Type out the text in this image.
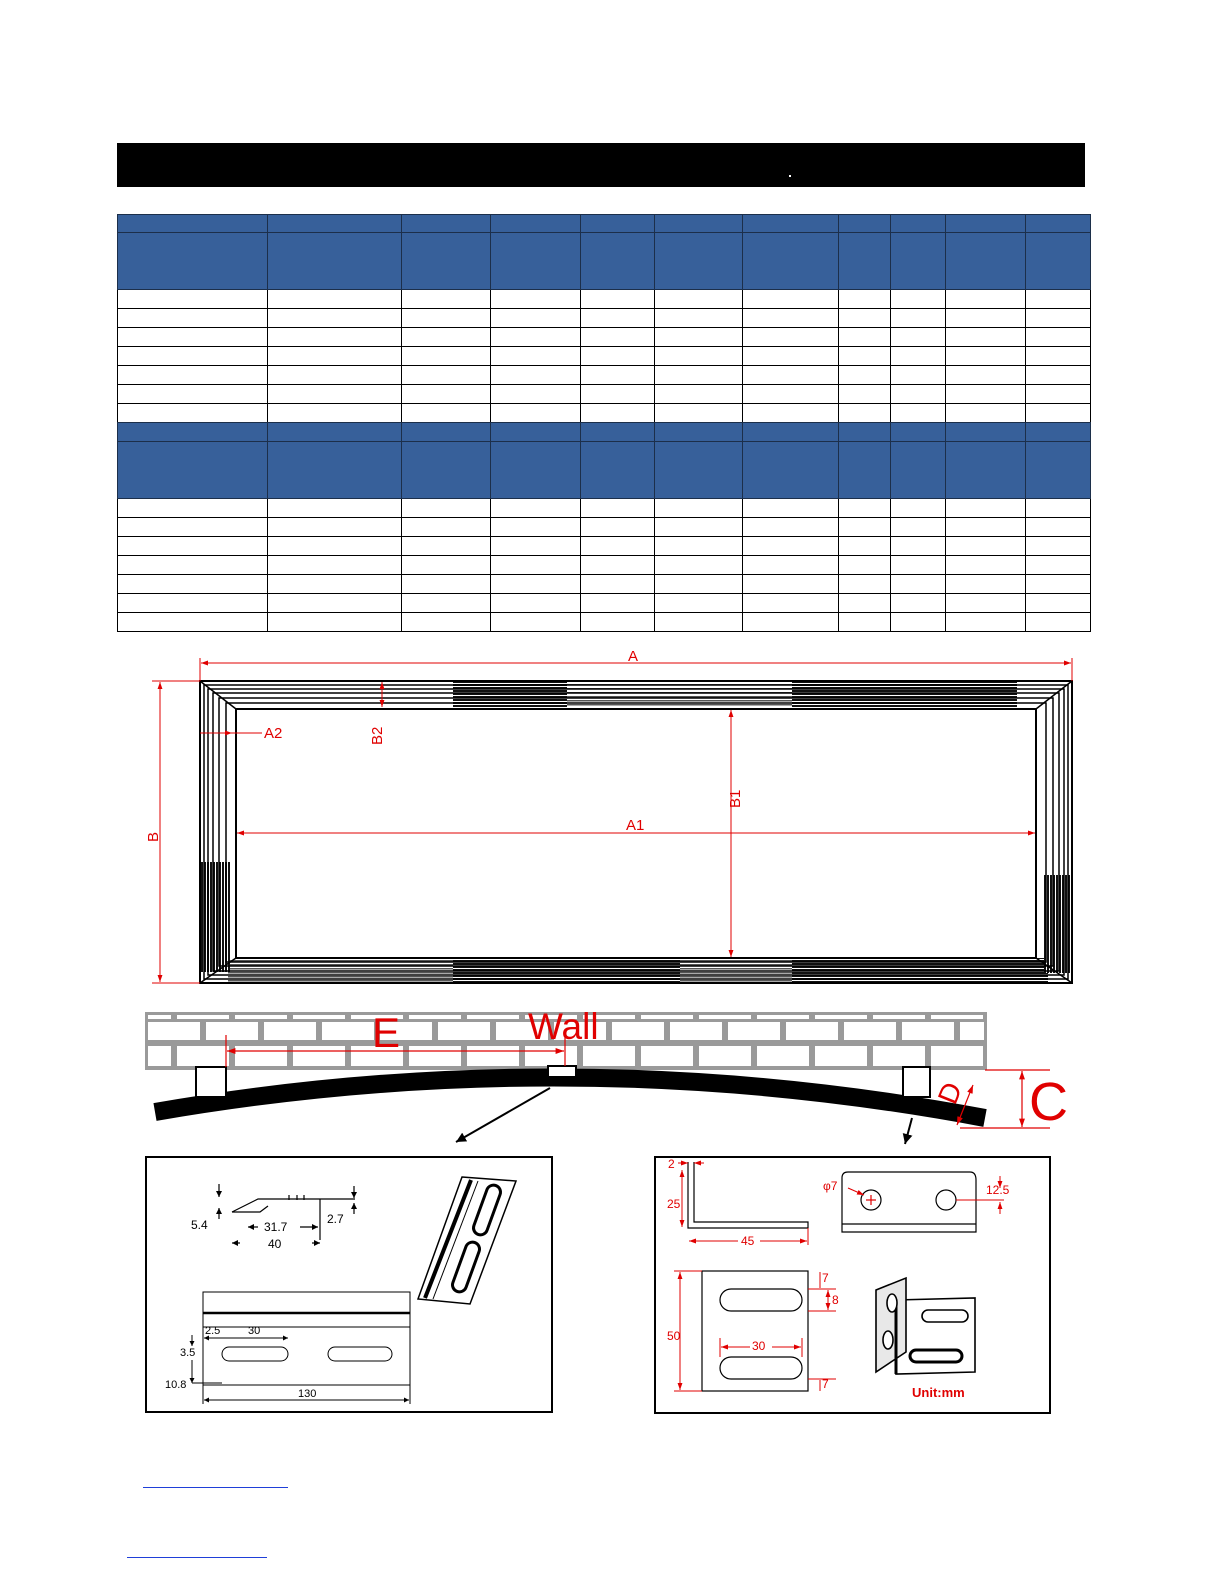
A
B
A2	B2
B1
A1
E	Wall
D C
5.4	2.7
31.7
40
2.5	30
3.5
10.8
130
2
25
45
φ7	12.5
7
8
50
30
7
Unit:mm
